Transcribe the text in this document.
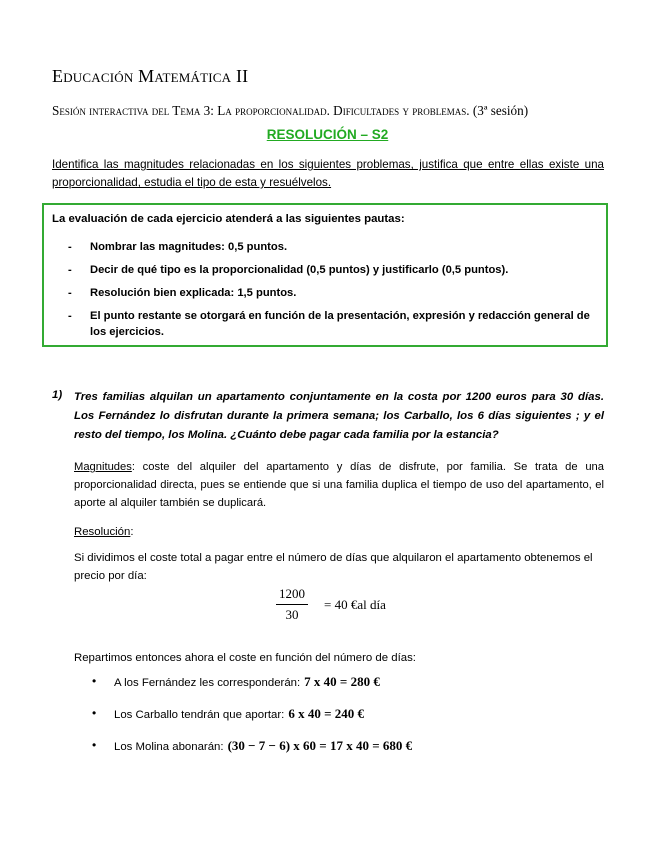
Educación Matemática II
Sesión interactiva del Tema 3: La proporcionalidad. Dificultades y problemas. (3ª sesión)
RESOLUCIÓN – S2
Identifica las magnitudes relacionadas en los siguientes problemas, justifica que entre ellas existe una proporcionalidad, estudia el tipo de esta y resuélvelos.
La evaluación de cada ejercicio atenderá a las siguientes pautas:
- Nombrar las magnitudes: 0,5 puntos.
- Decir de qué tipo es la proporcionalidad (0,5 puntos) y justificarlo (0,5 puntos).
- Resolución bien explicada: 1,5 puntos.
- El punto restante se otorgará en función de la presentación, expresión y redacción general de los ejercicios.
1) Tres familias alquilan un apartamento conjuntamente en la costa por 1200 euros para 30 días. Los Fernández lo disfrutan durante la primera semana; los Carballo, los 6 días siguientes ; y el resto del tiempo, los Molina. ¿Cuánto debe pagar cada familia por la estancia?
Magnitudes: coste del alquiler del apartamento y días de disfrute, por familia. Se trata de una proporcionalidad directa, pues se entiende que si una familia duplica el tiempo de uso del apartamento, el aporte al alquiler también se duplicará.
Resolución:
Si dividimos el coste total a pagar entre el número de días que alquilaron el apartamento obtenemos el precio por día:
$\frac{1200}{30} = 40$ €al día
Repartimos entonces ahora el coste en función del número de días:
• A los Fernández les corresponderán: 7 x 40 = 280 €
• Los Carballo tendrán que aportar: 6 x 40 = 240 €
• Los Molina abonarán: (30 − 7 − 6) x 60 = 17 x 40 = 680 €
